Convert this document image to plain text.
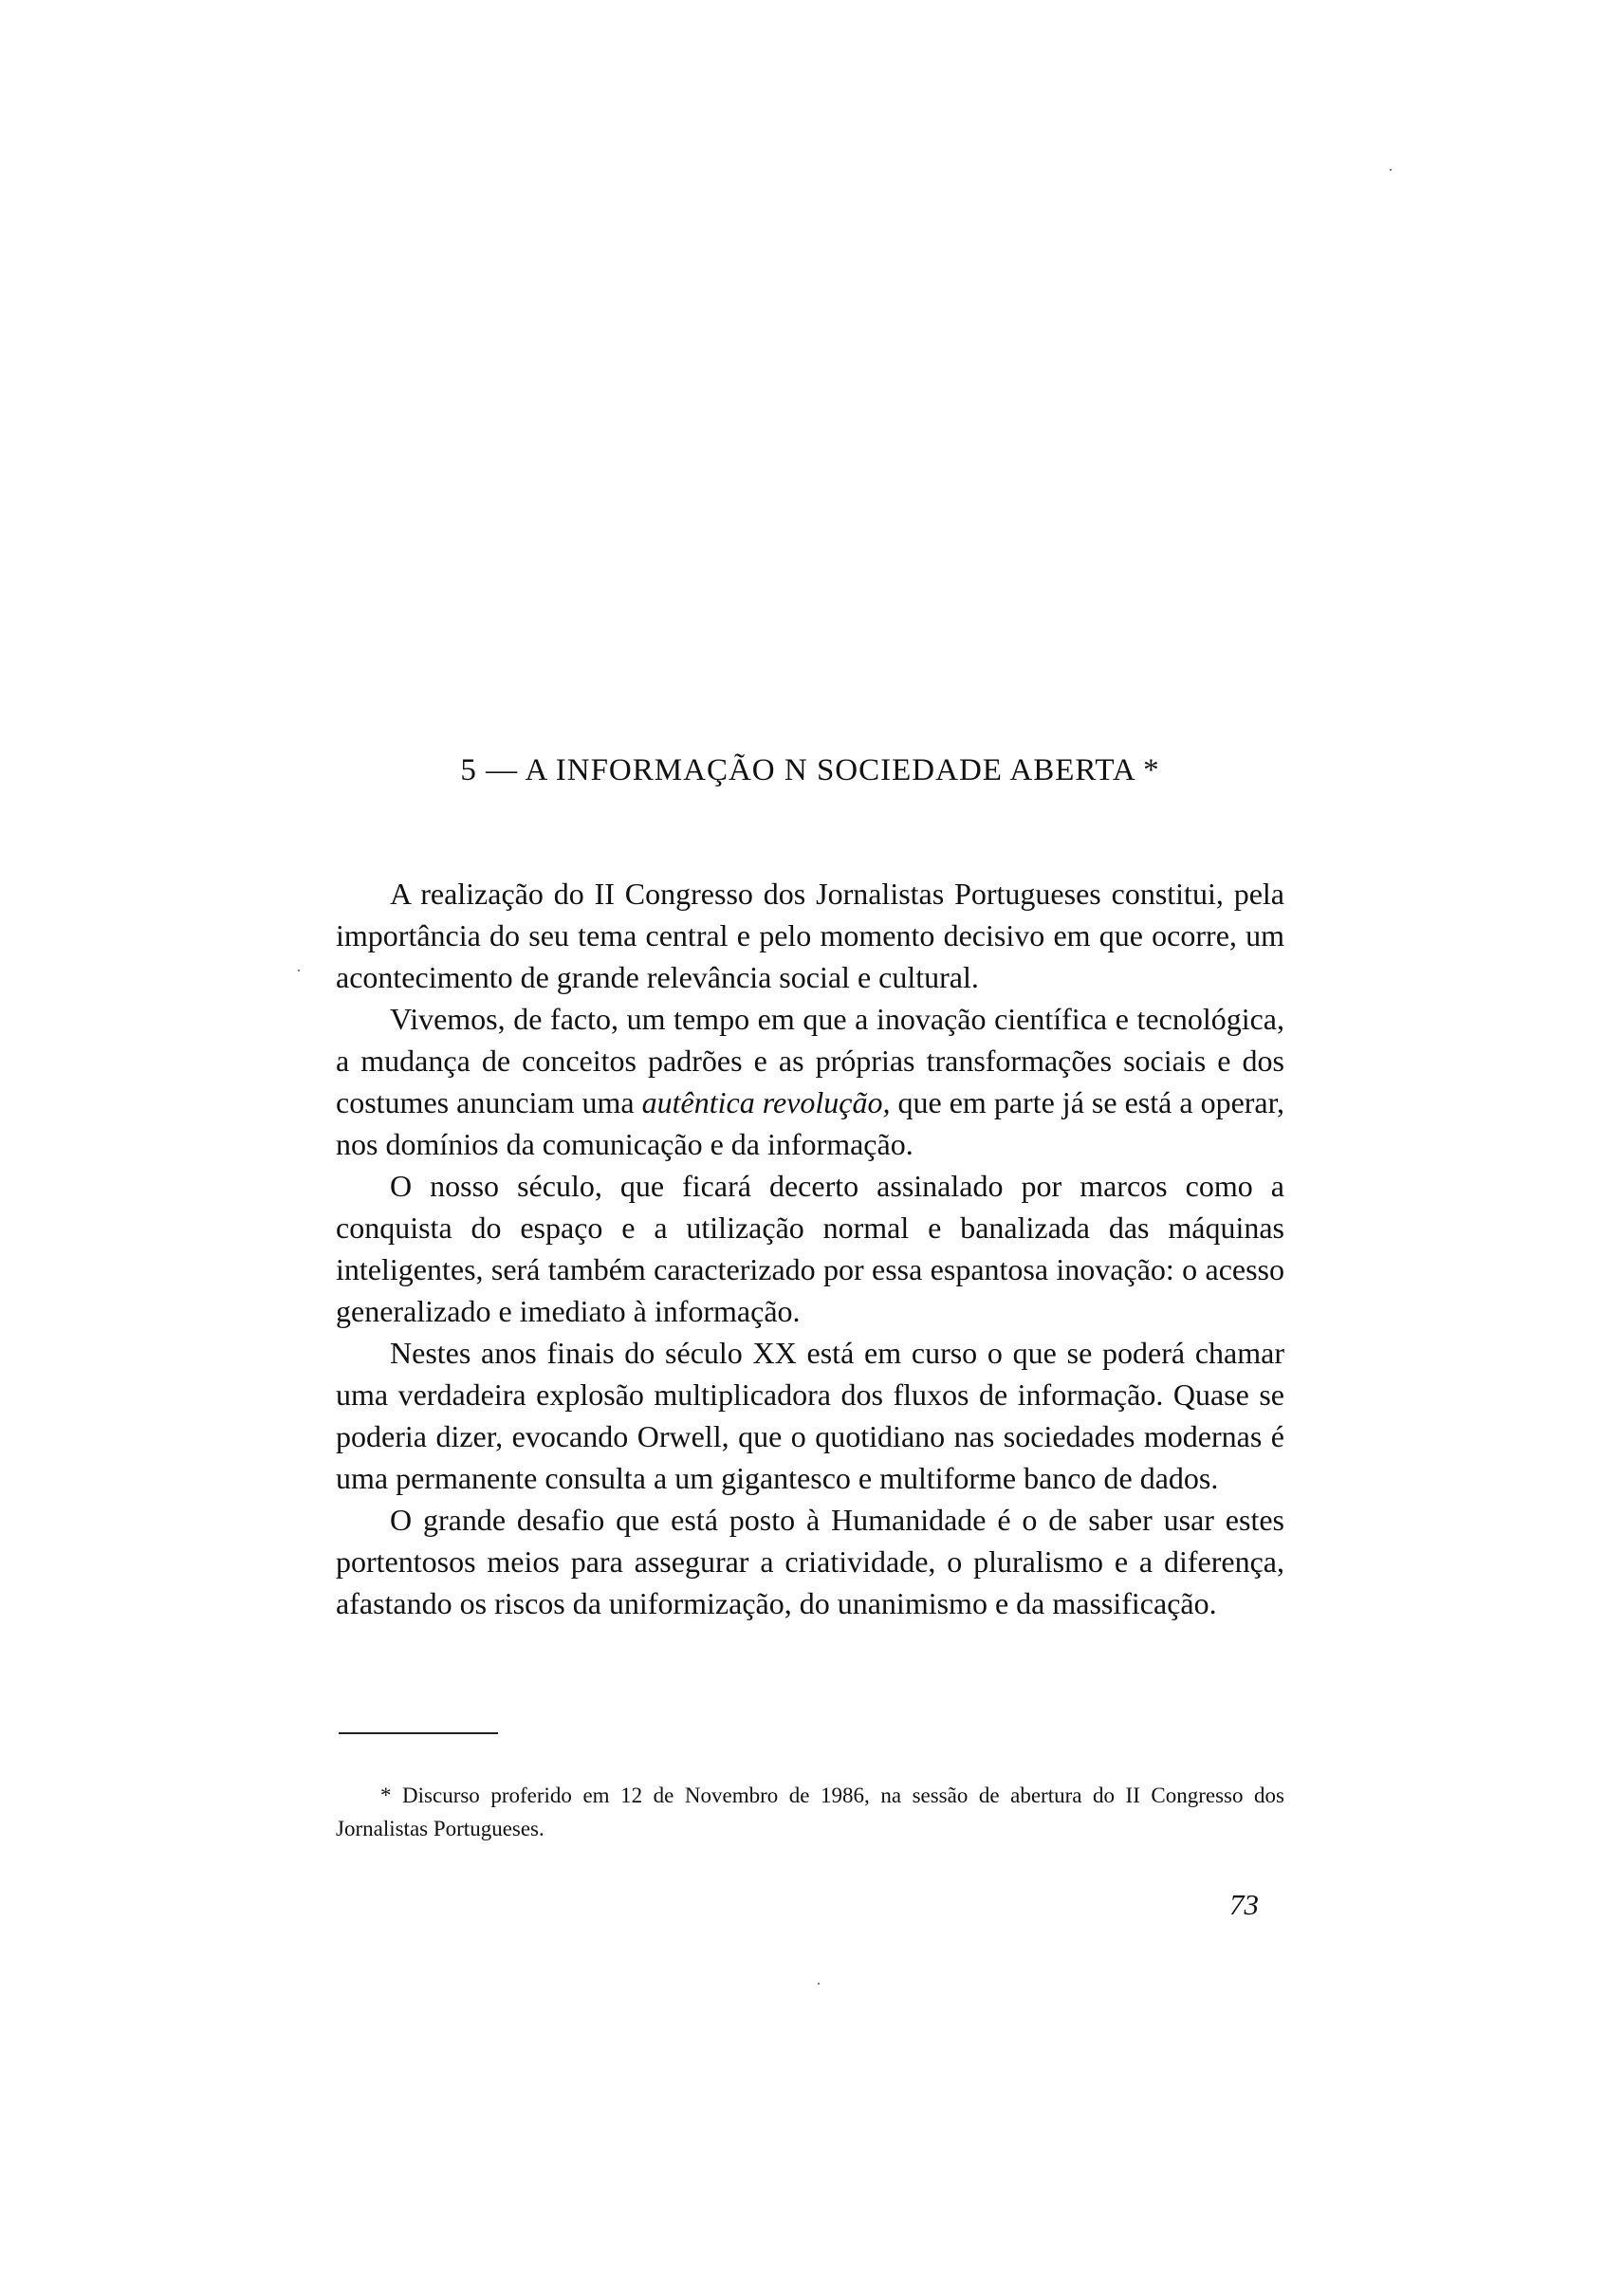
5 — A INFORMAÇÃO N SOCIEDADE ABERTA *

A realização do II Congresso dos Jornalistas Portugueses constitui, pela importância do seu tema central e pelo momento decisivo em que ocorre, um acontecimento de grande relevância social e cultural.

Vivemos, de facto, um tempo em que a inovação científica e tecnológica, a mudança de conceitos padrões e as próprias transformações sociais e dos costumes anunciam uma autêntica revolução, que em parte já se está a operar, nos domínios da comunicação e da informação.

O nosso século, que ficará decerto assinalado por marcos como a conquista do espaço e a utilização normal e banalizada das máquinas inteligentes, será também caracterizado por essa espantosa inovação: o acesso generalizado e imediato à informação.

Nestes anos finais do século XX está em curso o que se poderá chamar uma verdadeira explosão multiplicadora dos fluxos de informação. Quase se poderia dizer, evocando Orwell, que o quotidiano nas sociedades modernas é uma permanente consulta a um gigantesco e multiforme banco de dados.

O grande desafio que está posto à Humanidade é o de saber usar estes portentosos meios para assegurar a criatividade, o pluralismo e a diferença, afastando os riscos da uniformização, do unanimismo e da massificação.

* Discurso proferido em 12 de Novembro de 1986, na sessão de abertura do II Congresso dos Jornalistas Portugueses.
73
